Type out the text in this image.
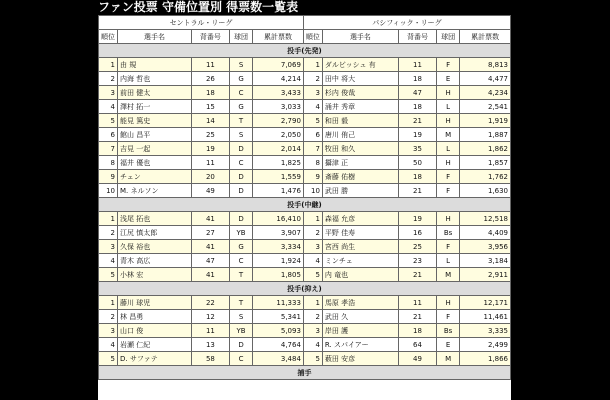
ファン投票 守備位置別 得票数一覧表
セントラル・リーグ					パシフィック・リーグ				
順位	選手名	背番号	球団	累計票数	順位	選手名	背番号	球団	累計票数
投手(先発)									
1	由 規	11	S	7,069	1	ダルビッシュ 有	11	F	8,813
2	内海 哲也	26	G	4,214	2	田中 将大	18	E	4,477
3	前田 健太	18	C	3,433	3	杉内 俊哉	47	H	4,234
4	澤村 拓一	15	G	3,033	4	涌井 秀章	18	L	2,541
5	能見 篤史	14	T	2,790	5	和田 毅	21	H	1,919
6	館山 昌平	25	S	2,050	6	唐川 侑己	19	M	1,887
7	吉見 一起	19	D	2,014	7	牧田 和久	35	L	1,862
8	福井 優也	11	C	1,825	8	攝津 正	50	H	1,857
9	チェン	20	D	1,559	9	斎藤 佑樹	18	F	1,762
10	M. ネルソン	49	D	1,476	10	武田 勝	21	F	1,630
投手(中継)									
1	浅尾 拓也	41	D	16,410	1	森福 允彦	19	H	12,518
2	江尻 慎太郎	27	YB	3,907	2	平野 佳寿	16	Bs	4,409
3	久保 裕也	41	G	3,334	3	宮西 尚生	25	F	3,956
4	青木 高広	47	C	1,924	4	ミンチェ	23	L	3,184
5	小林 宏	41	T	1,805	5	内 竜也	21	M	2,911
投手(抑え)									
1	藤川 球児	22	T	11,333	1	馬原 孝浩	11	H	12,171
2	林 昌勇	12	S	5,341	2	武田 久	21	F	11,461
3	山口 俊	11	YB	5,093	3	岸田 護	18	Bs	3,335
4	岩瀬 仁紀	13	D	4,764	4	R. スパイアー	64	E	2,499
5	D. サファテ	58	C	3,484	5	薮田 安彦	49	M	1,866
捕手									
